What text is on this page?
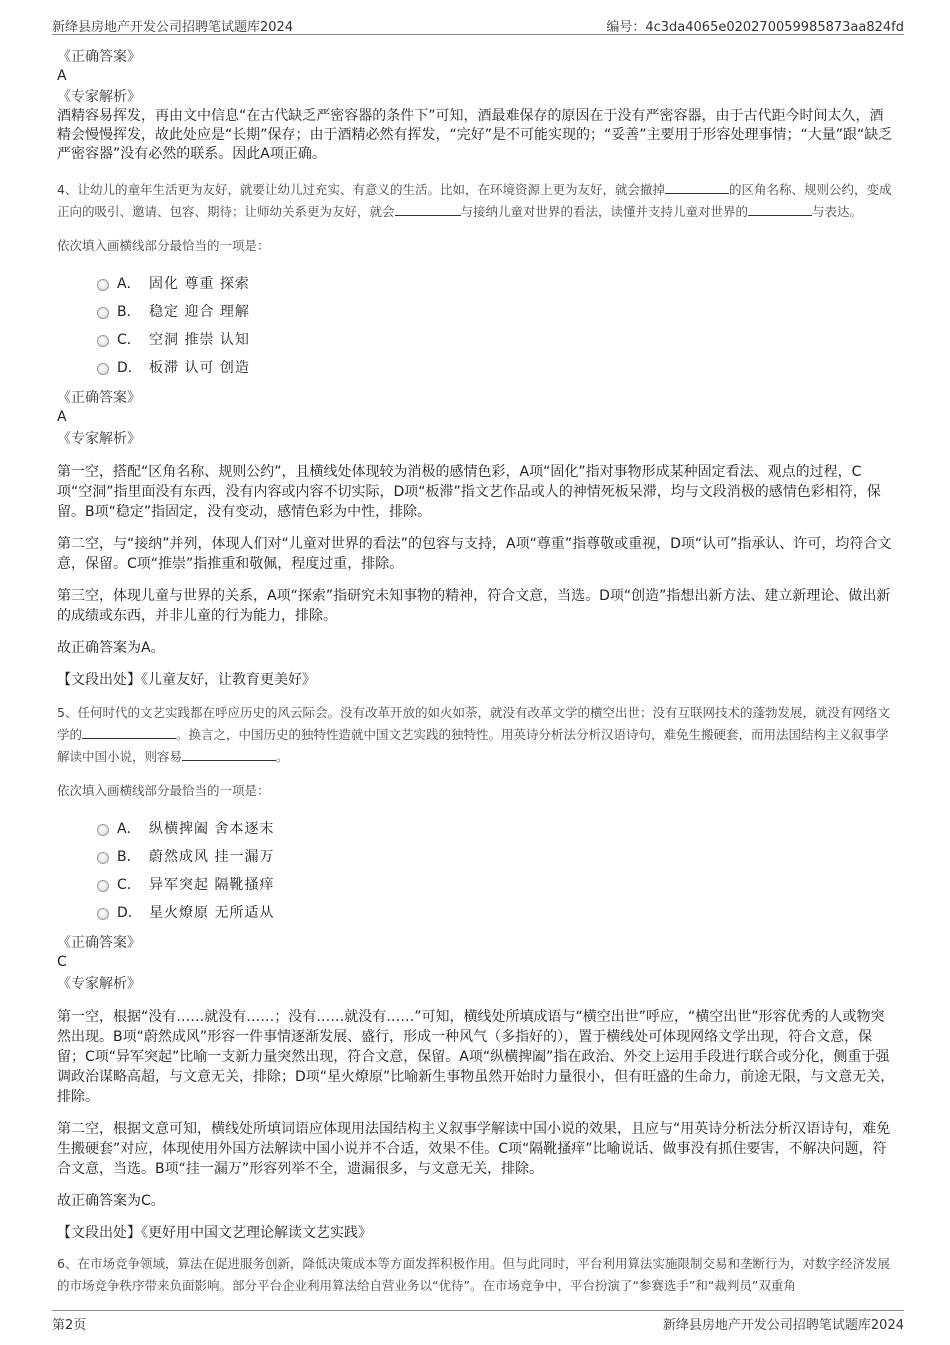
新绛县房地产开发公司招聘笔试题库2024	编号：4c3da4065e020270059985873aa824fd
《正确答案》
A
《专家解析》

酒精容易挥发，再由文中信息“在古代缺乏严密容器的条件下”可知，酒最难保存的原因在于没有严密容器，由于古代距今时间太久，酒精会慢慢挥发，故此处应是“长期”保存；由于酒精必然有挥发，“完好”是不可能实现的；“妥善”主要用于形容处理事情；“大量”跟“缺乏严密容器”没有必然的联系。因此A项正确。

4、让幼儿的童年生活更为友好，就要让幼儿过充实、有意义的生活。比如，在环境资源上更为友好，就会撤掉	的区角名称、规则公约，变成正向的吸引、邀请、包容、期待；让师幼关系更为友好，就会	与接纳儿童对世界的看法，读懂并支持儿童对世界的	与表达。

依次填入画横线部分最恰当的一项是：

A． 固化 尊重 探索
B． 稳定 迎合 理解
C． 空洞 推崇 认知
D． 板滞 认可 创造
《正确答案》
A
《专家解析》

第一空，搭配“区角名称、规则公约”，且横线处体现较为消极的感情色彩，A项“固化”指对事物形成某种固定看法、观点的过程，C项“空洞”指里面没有东西，没有内容或内容不切实际，D项“板滞”指文艺作品或人的神情死板呆滞，均与文段消极的感情色彩相符，保留。B项“稳定”指固定，没有变动，感情色彩为中性，排除。

第二空，与“接纳”并列，体现人们对“儿童对世界的看法”的包容与支持，A项“尊重”指尊敬或重视，D项“认可”指承认、许可，均符合文意，保留。C项“推崇”指推重和敬佩，程度过重，排除。

第三空，体现儿童与世界的关系，A项“探索”指研究未知事物的精神，符合文意，当选。D项“创造”指想出新方法、建立新理论、做出新的成绩或东西，并非儿童的行为能力，排除。

故正确答案为A。

【文段出处】《儿童友好，让教育更美好》

5、任何时代的文艺实践都在呼应历史的风云际会。没有改革开放的如火如荼，就没有改革文学的横空出世；没有互联网技术的蓬勃发展，就没有网络文学的	。换言之，中国历史的独特性造就中国文艺实践的独特性。用英诗分析法分析汉语诗句，难免生搬硬套，而用法国结构主义叙事学解读中国小说，则容易	。

依次填入画横线部分最恰当的一项是：

A． 纵横捭阖 舍本逐末
B． 蔚然成风 挂一漏万
C． 异军突起 隔靴搔痒
D． 星火燎原 无所适从
《正确答案》
C
《专家解析》

第一空，根据“没有……就没有……；没有……就没有……”可知，横线处所填成语与“横空出世”呼应，“横空出世”形容优秀的人或物突然出现。B项“蔚然成风”形容一件事情逐渐发展、盛行，形成一种风气（多指好的），置于横线处可体现网络文学出现，符合文意，保留；C项“异军突起”比喻一支新力量突然出现，符合文意，保留。A项“纵横捭阖”指在政治、外交上运用手段进行联合或分化，侧重于强调政治谋略高超，与文意无关，排除；D项“星火燎原”比喻新生事物虽然开始时力量很小，但有旺盛的生命力，前途无限，与文意无关，排除。

第二空，根据文意可知，横线处所填词语应体现用法国结构主义叙事学解读中国小说的效果，且应与“用英诗分析法分析汉语诗句，难免生搬硬套”对应，体现使用外国方法解读中国小说并不合适，效果不佳。C项“隔靴搔痒”比喻说话、做事没有抓住要害，不解决问题，符合文意，当选。B项“挂一漏万”形容列举不全，遗漏很多，与文意无关，排除。

故正确答案为C。

【文段出处】《更好用中国文艺理论解读文艺实践》

6、在市场竞争领域，算法在促进服务创新，降低决策成本等方面发挥积极作用。但与此同时，平台利用算法实施限制交易和垄断行为，对数字经济发展的市场竞争秩序带来负面影响。部分平台企业利用算法给自营业务以“优待”。在市场竞争中，平台扮演了“参赛选手”和“裁判员”双重角

第2页	新绛县房地产开发公司招聘笔试题库2024
